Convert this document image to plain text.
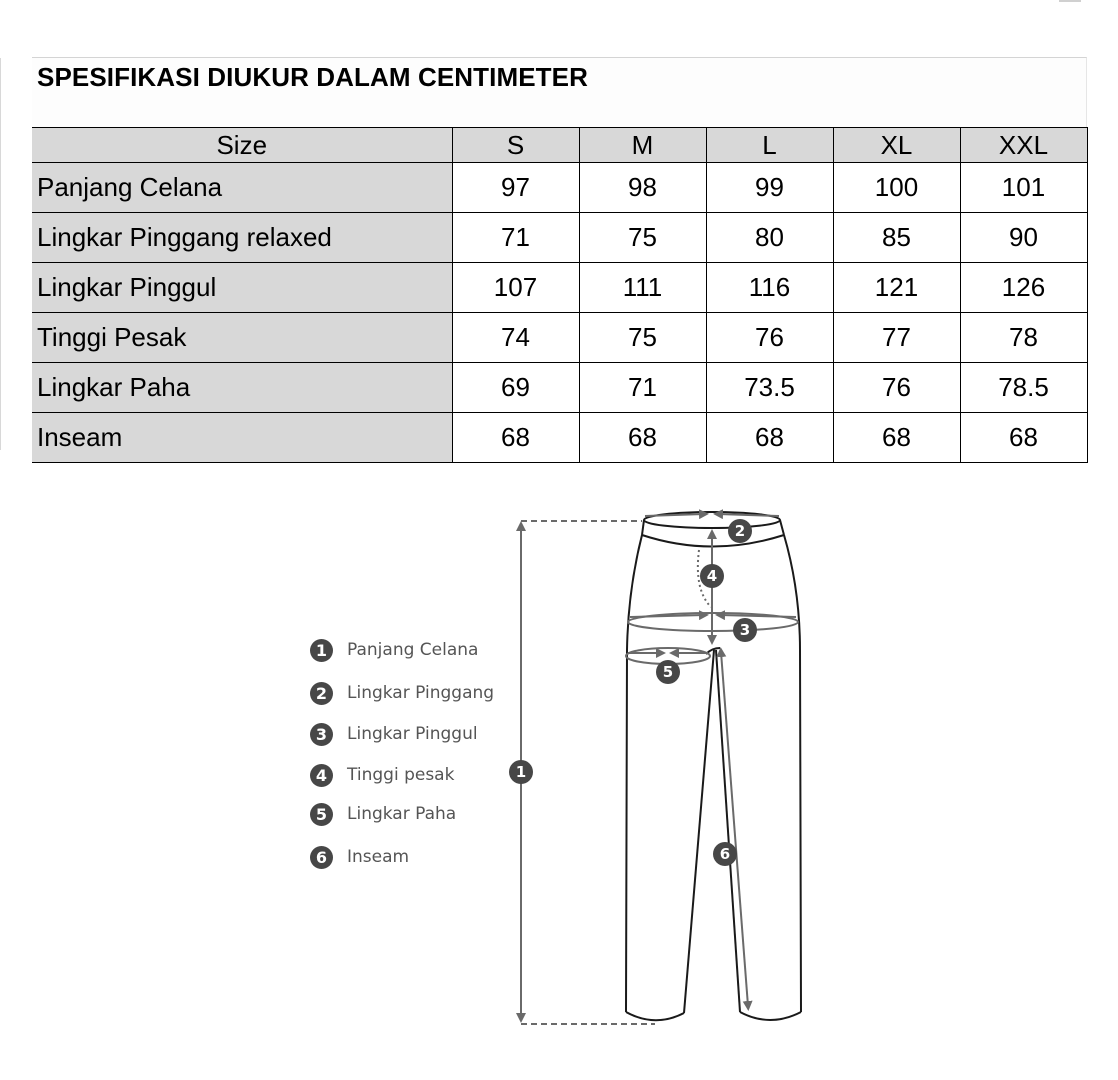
SPESIFIKASI DIUKUR DALAM CENTIMETER
Size	S	M	L	XL	XXL
Panjang Celana	97	98	99	100	101
Lingkar Pinggang relaxed	71	75	80	85	90
Lingkar Pinggul	107	111	116	121	126
Tinggi Pesak	74	75	76	77	78
Lingkar Paha	69	71	73.5	76	78.5
Inseam	68	68	68	68	68
1
2
3
4
5
6
1	Panjang Celana
2	Lingkar Pinggang
3	Lingkar Pinggul
4	Tinggi pesak
5	Lingkar Paha
6	Inseam
